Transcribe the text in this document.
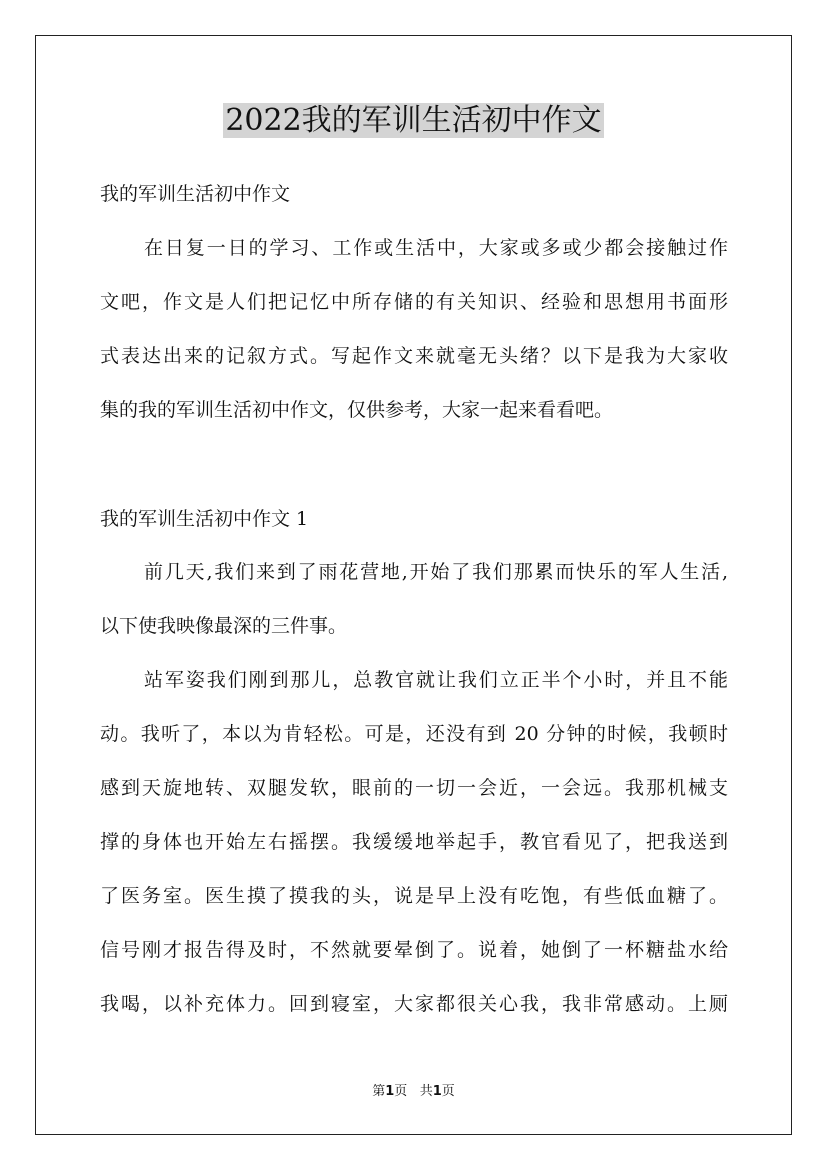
2022我的军训生活初中作文
我的军训生活初中作文
在日复一日的学习、工作或生活中，大家或多或少都会接触过作
文吧，作文是人们把记忆中所存储的有关知识、经验和思想用书面形
式表达出来的记叙方式。写起作文来就毫无头绪？以下是我为大家收
集的我的军训生活初中作文，仅供参考，大家一起来看看吧。
我的军训生活初中作文 1
前几天,我们来到了雨花营地,开始了我们那累而快乐的军人生活,
以下使我映像最深的三件事。
站军姿我们刚到那儿，总教官就让我们立正半个小时，并且不能
动。我听了，本以为肯轻松。可是，还没有到 20 分钟的时候，我顿时
感到天旋地转、双腿发软，眼前的一切一会近，一会远。我那机械支
撑的身体也开始左右摇摆。我缓缓地举起手，教官看见了，把我送到
了医务室。医生摸了摸我的头，说是早上没有吃饱，有些低血糖了。
信号刚才报告得及时，不然就要晕倒了。说着，她倒了一杯糖盐水给
我喝，以补充体力。回到寝室，大家都很关心我，我非常感动。上厕
第1页 共1页
